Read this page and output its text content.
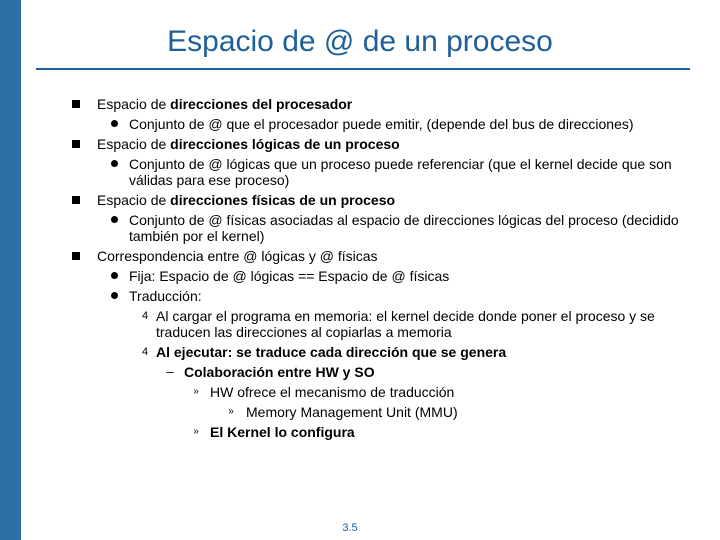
Espacio de @ de un proceso
Espacio de direcciones del procesador
Conjunto de @ que el procesador puede emitir, (depende del bus de direcciones)
Espacio de direcciones lógicas de un proceso
Conjunto de @ lógicas que un proceso puede referenciar (que el kernel decide que son válidas para ese proceso)
Espacio de direcciones físicas de un proceso
Conjunto de @ físicas asociadas al espacio de direcciones lógicas del proceso (decidido también por el kernel)
Correspondencia entre @ lógicas y @ físicas
Fija: Espacio de @ lógicas == Espacio de @ físicas
Traducción:
4 Al cargar el programa en memoria: el kernel decide donde poner el proceso y se traducen las direcciones al copiarlas a memoria
4 Al ejecutar: se traduce cada dirección que se genera
– Colaboración entre HW y SO
» HW ofrece el mecanismo de traducción
» Memory Management Unit (MMU)
» El Kernel lo configura
3.5
